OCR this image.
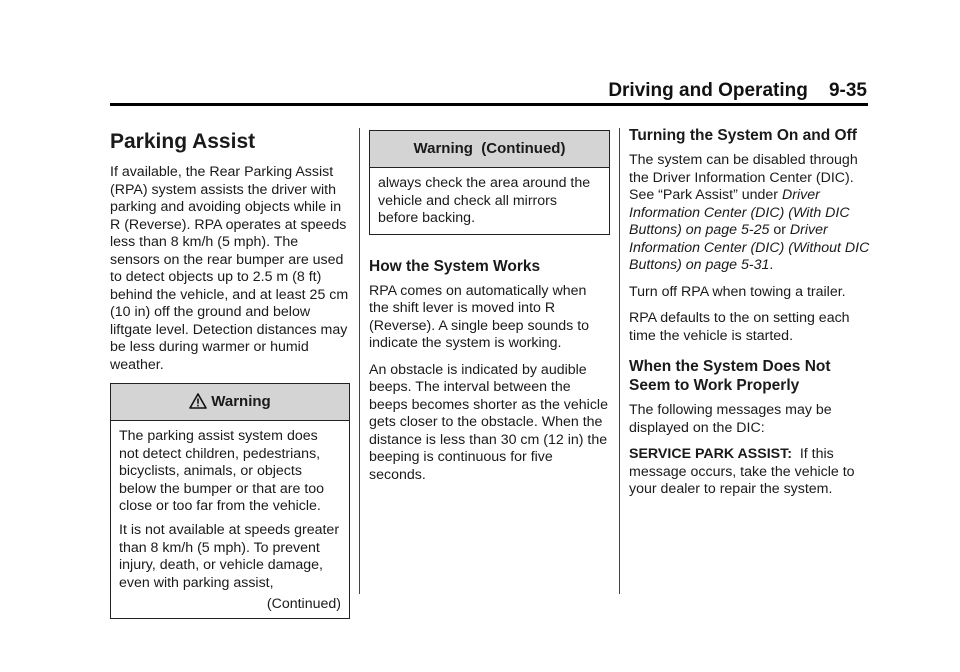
Driving and Operating 9-35
Parking Assist

If available, the Rear Parking Assist (RPA) system assists the driver with parking and avoiding objects while in R (Reverse). RPA operates at speeds less than 8 km/h (5 mph). The sensors on the rear bumper are used to detect objects up to 2.5 m (8 ft) behind the vehicle, and at least 25 cm (10 in) off the ground and below liftgate level. Detection distances may be less during warmer or humid weather.

Warning

The parking assist system does not detect children, pedestrians, bicyclists, animals, or objects below the bumper or that are too close or too far from the vehicle.

It is not available at speeds greater than 8 km/h (5 mph). To prevent injury, death, or vehicle damage, even with parking assist,

(Continued)
Warning  (Continued)

always check the area around the vehicle and check all mirrors before backing.

How the System Works

RPA comes on automatically when the shift lever is moved into R (Reverse). A single beep sounds to indicate the system is working.

An obstacle is indicated by audible beeps. The interval between the beeps becomes shorter as the vehicle gets closer to the obstacle. When the distance is less than 30 cm (12 in) the beeping is continuous for five seconds.

Turning the System On and Off

The system can be disabled through the Driver Information Center (DIC). See “Park Assist” under Driver Information Center (DIC) (With DIC Buttons) on page 5-25 or Driver Information Center (DIC) (Without DIC Buttons) on page 5-31.

Turn off RPA when towing a trailer.

RPA defaults to the on setting each time the vehicle is started.

When the System Does Not Seem to Work Properly

The following messages may be displayed on the DIC:

SERVICE PARK ASSIST:  If this message occurs, take the vehicle to your dealer to repair the system.
